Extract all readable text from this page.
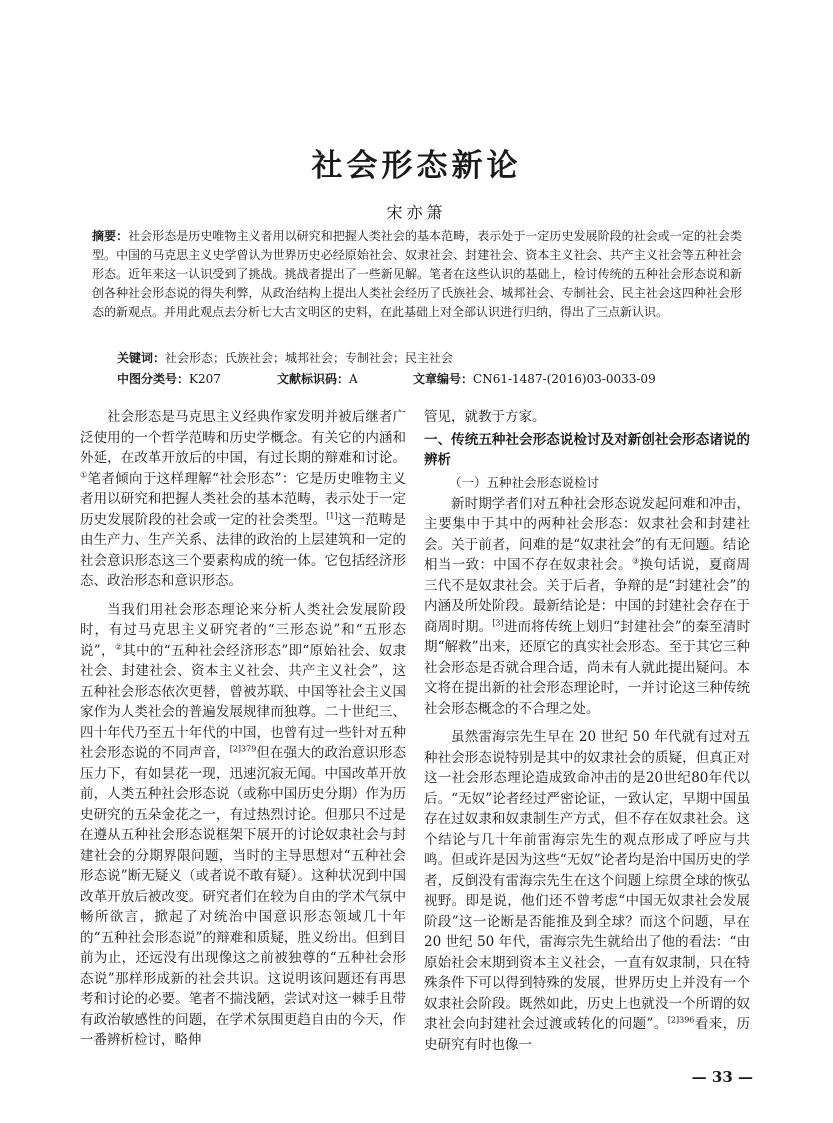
社会形态新论

宋亦箫

摘要：社会形态是历史唯物主义者用以研究和把握人类社会的基本范畴，表示处于一定历史发展阶段的社会或一定的社会类型。中国的马克思主义史学曾认为世界历史必经原始社会、奴隶社会、封建社会、资本主义社会、共产主义社会等五种社会形态。近年来这一认识受到了挑战。挑战者提出了一些新见解。笔者在这些认识的基础上，检讨传统的五种社会形态说和新创各种社会形态说的得失利弊，从政治结构上提出人类社会经历了氏族社会、城邦社会、专制社会、民主社会这四种社会形态的新观点。并用此观点去分析七大古文明区的史料，在此基础上对全部认识进行归纳，得出了三点新认识。

关键词：社会形态；氏族社会；城邦社会；专制社会；民主社会

中图分类号：K207	文献标识码：A	文章编号：CN61-1487-(2016)03-0033-09

社会形态是马克思主义经典作家发明并被后继者广泛使用的一个哲学范畴和历史学概念。有关它的内涵和外延，在改革开放后的中国，有过长期的辩难和讨论。①笔者倾向于这样理解“社会形态”：它是历史唯物主义者用以研究和把握人类社会的基本范畴，表示处于一定历史发展阶段的社会或一定的社会类型。[1]这一范畴是由生产力、生产关系、法律的政治的上层建筑和一定的社会意识形态这三个要素构成的统一体。它包括经济形态、政治形态和意识形态。

当我们用社会形态理论来分析人类社会发展阶段时，有过马克思主义研究者的“三形态说”和“五形态说”，②其中的“五种社会经济形态”即“原始社会、奴隶社会、封建社会、资本主义社会、共产主义社会”，这五种社会形态依次更替，曾被苏联、中国等社会主义国家作为人类社会的普遍发展规律而独尊。二十世纪三、四十年代乃至五十年代的中国，也曾有过一些针对五种社会形态说的不同声音，$^{[2]379}$但在强大的政治意识形态压力下，有如昙花一现，迅速沉寂无闻。中国改革开放前，人类五种社会形态说（或称中国历史分期）作为历史研究的五朵金花之一，有过热烈讨论。但那只不过是在遵从五种社会形态说框架下展开的讨论奴隶社会与封建社会的分期界限问题，当时的主导思想对“五种社会形态说”断无疑义（或者说不敢有疑）。这种状况到中国改革开放后被改变。研究者们在较为自由的学术气氛中畅所欲言，掀起了对统治中国意识形态领域几十年的“五种社会形态说”的辩难和质疑，胜义纷出。但到目前为止，还远没有出现像这之前被独尊的“五种社会形态说”那样形成新的社会共识。这说明该问题还有再思考和讨论的必要。笔者不揣浅陋，尝试对这一棘手且带有政治敏感性的问题，在学术氛围更趋自由的今天，作一番辨析检讨，略伸

管见，就教于方家。

一、传统五种社会形态说检讨及对新创社会形态诸说的辨析
（一）五种社会形态说检讨

新时期学者们对五种社会形态说发起问难和冲击，主要集中于其中的两种社会形态：奴隶社会和封建社会。关于前者，问难的是“奴隶社会”的有无问题。结论相当一致：中国不存在奴隶社会。③换句话说，夏商周三代不是奴隶社会。关于后者，争辩的是“封建社会”的内涵及所处阶段。最新结论是：中国的封建社会存在于商周时期。[3]进而将传统上划归“封建社会”的秦至清时期“解救”出来，还原它的真实社会形态。至于其它三种社会形态是否就合理合适，尚未有人就此提出疑问。本文将在提出新的社会形态理论时，一并讨论这三种传统社会形态概念的不合理之处。

虽然雷海宗先生早在 20 世纪 50 年代就有过对五种社会形态说特别是其中的奴隶社会的质疑，但真正对这一社会形态理论造成致命冲击的是20世纪80年代以后。“无奴”论者经过严密论证，一致认定，早期中国虽存在过奴隶和奴隶制生产方式，但不存在奴隶社会。这个结论与几十年前雷海宗先生的观点形成了呼应与共鸣。但或许是因为这些“无奴”论者均是治中国历史的学者，反倒没有雷海宗先生在这个问题上综贯全球的恢弘视野。即是说，他们还不曾考虑“中国无奴隶社会发展阶段”这一论断是否能推及到全球？而这个问题，早在 20 世纪 50 年代，雷海宗先生就给出了他的看法：“由原始社会末期到资本主义社会，一直有奴隶制，只在特殊条件下可以得到特殊的发展，世界历史上并没有一个奴隶社会阶段。既然如此，历史上也就没一个所谓的奴隶社会向封建社会过渡或转化的问题”。$^{[2]396}$看来，历史研究有时也像一

— 33 —
